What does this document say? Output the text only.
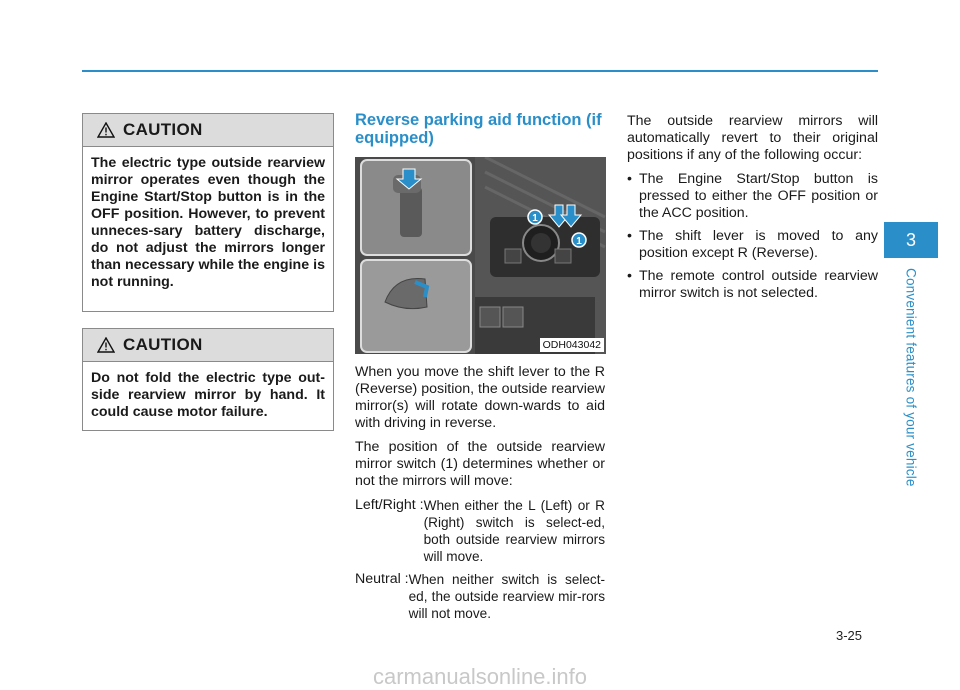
CAUTION
The electric type outside rearview mirror operates even though the Engine Start/Stop button is in the OFF position. However, to prevent unneces-sary battery discharge, do not adjust the mirrors longer than necessary while the engine is not running.
CAUTION
Do not fold the electric type out-side rearview mirror by hand. It could cause motor failure.
Reverse parking aid function (if equipped)
1
1
ODH043042

When you move the shift lever to the R (Reverse) position, the outside rearview mirror(s) will rotate down-wards to aid with driving in reverse.

The position of the outside rearview mirror switch (1) determines whether or not the mirrors will move:

Left/Right : When either the L (Left) or R (Right) switch is select-ed, both outside rearview mirrors will move.
Neutral : When neither switch is select-ed, the outside rearview mir-rors will not move.

The outside rearview mirrors will automatically revert to their original positions if any of the following occur:

• The Engine Start/Stop button is pressed to either the OFF position or the ACC position.
• The shift lever is moved to any position except R (Reverse).
• The remote control outside rearview mirror switch is not selected.
3
Convenient features of your vehicle
3-25
carmanualsonline.info
